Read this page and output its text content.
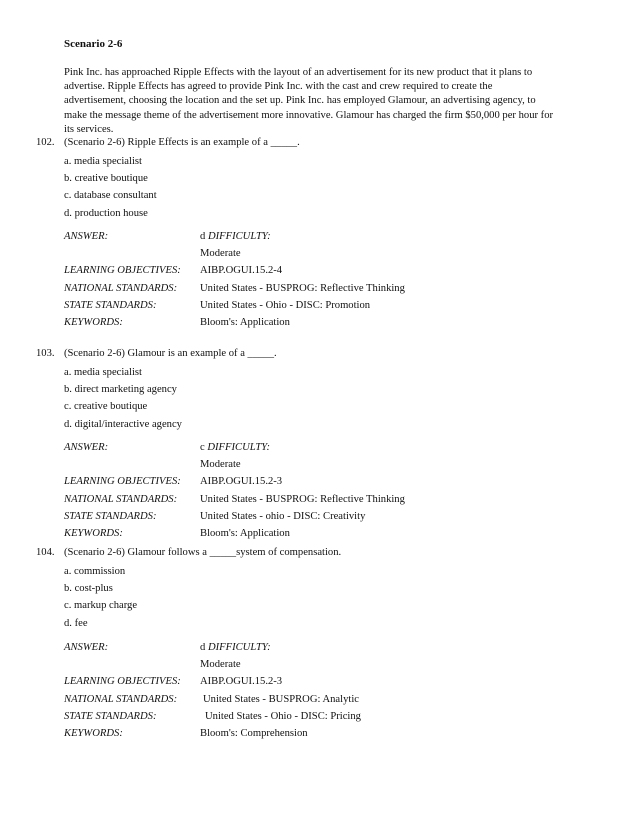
Scenario 2-6
Pink Inc. has approached Ripple Effects with the layout of an advertisement for its new product that it plans to
advertise. Ripple Effects has agreed to provide Pink Inc. with the cast and crew required to create the
advertisement, choosing the location and the set up. Pink Inc. has employed Glamour, an advertising agency, to
make the message theme of the advertisement more innovative. Glamour has charged the firm $50,000 per hour for
its services.
102. (Scenario 2-6) Ripple Effects is an example of a _____.
a. media specialist
b. creative boutique
c. database consultant
d. production house
ANSWER:	d DIFFICULTY:
Moderate
LEARNING OBJECTIVES: AIBP.OGUI.15.2-4
NATIONAL STANDARDS: United States - BUSPROG: Reflective Thinking
STATE STANDARDS:	United States - Ohio - DISC: Promotion
KEYWORDS:	Bloom's: Application
103. (Scenario 2-6) Glamour is an example of a _____.
a. media specialist
b. direct marketing agency
c. creative boutique
d. digital/interactive agency
ANSWER:	c DIFFICULTY:
Moderate
LEARNING OBJECTIVES: AIBP.OGUI.15.2-3
NATIONAL STANDARDS: United States - BUSPROG: Reflective Thinking
STATE STANDARDS:	United States - ohio - DISC: Creativity
KEYWORDS:	Bloom's: Application
104. (Scenario 2-6) Glamour follows a _____system of compensation.
a. commission
b. cost-plus
c. markup charge
d. fee
ANSWER:	d DIFFICULTY:
Moderate
LEARNING OBJECTIVES: AIBP.OGUI.15.2-3
NATIONAL STANDARDS: United States - BUSPROG: Analytic
STATE STANDARDS:	United States - Ohio - DISC: Pricing
KEYWORDS:	Bloom's: Comprehension
